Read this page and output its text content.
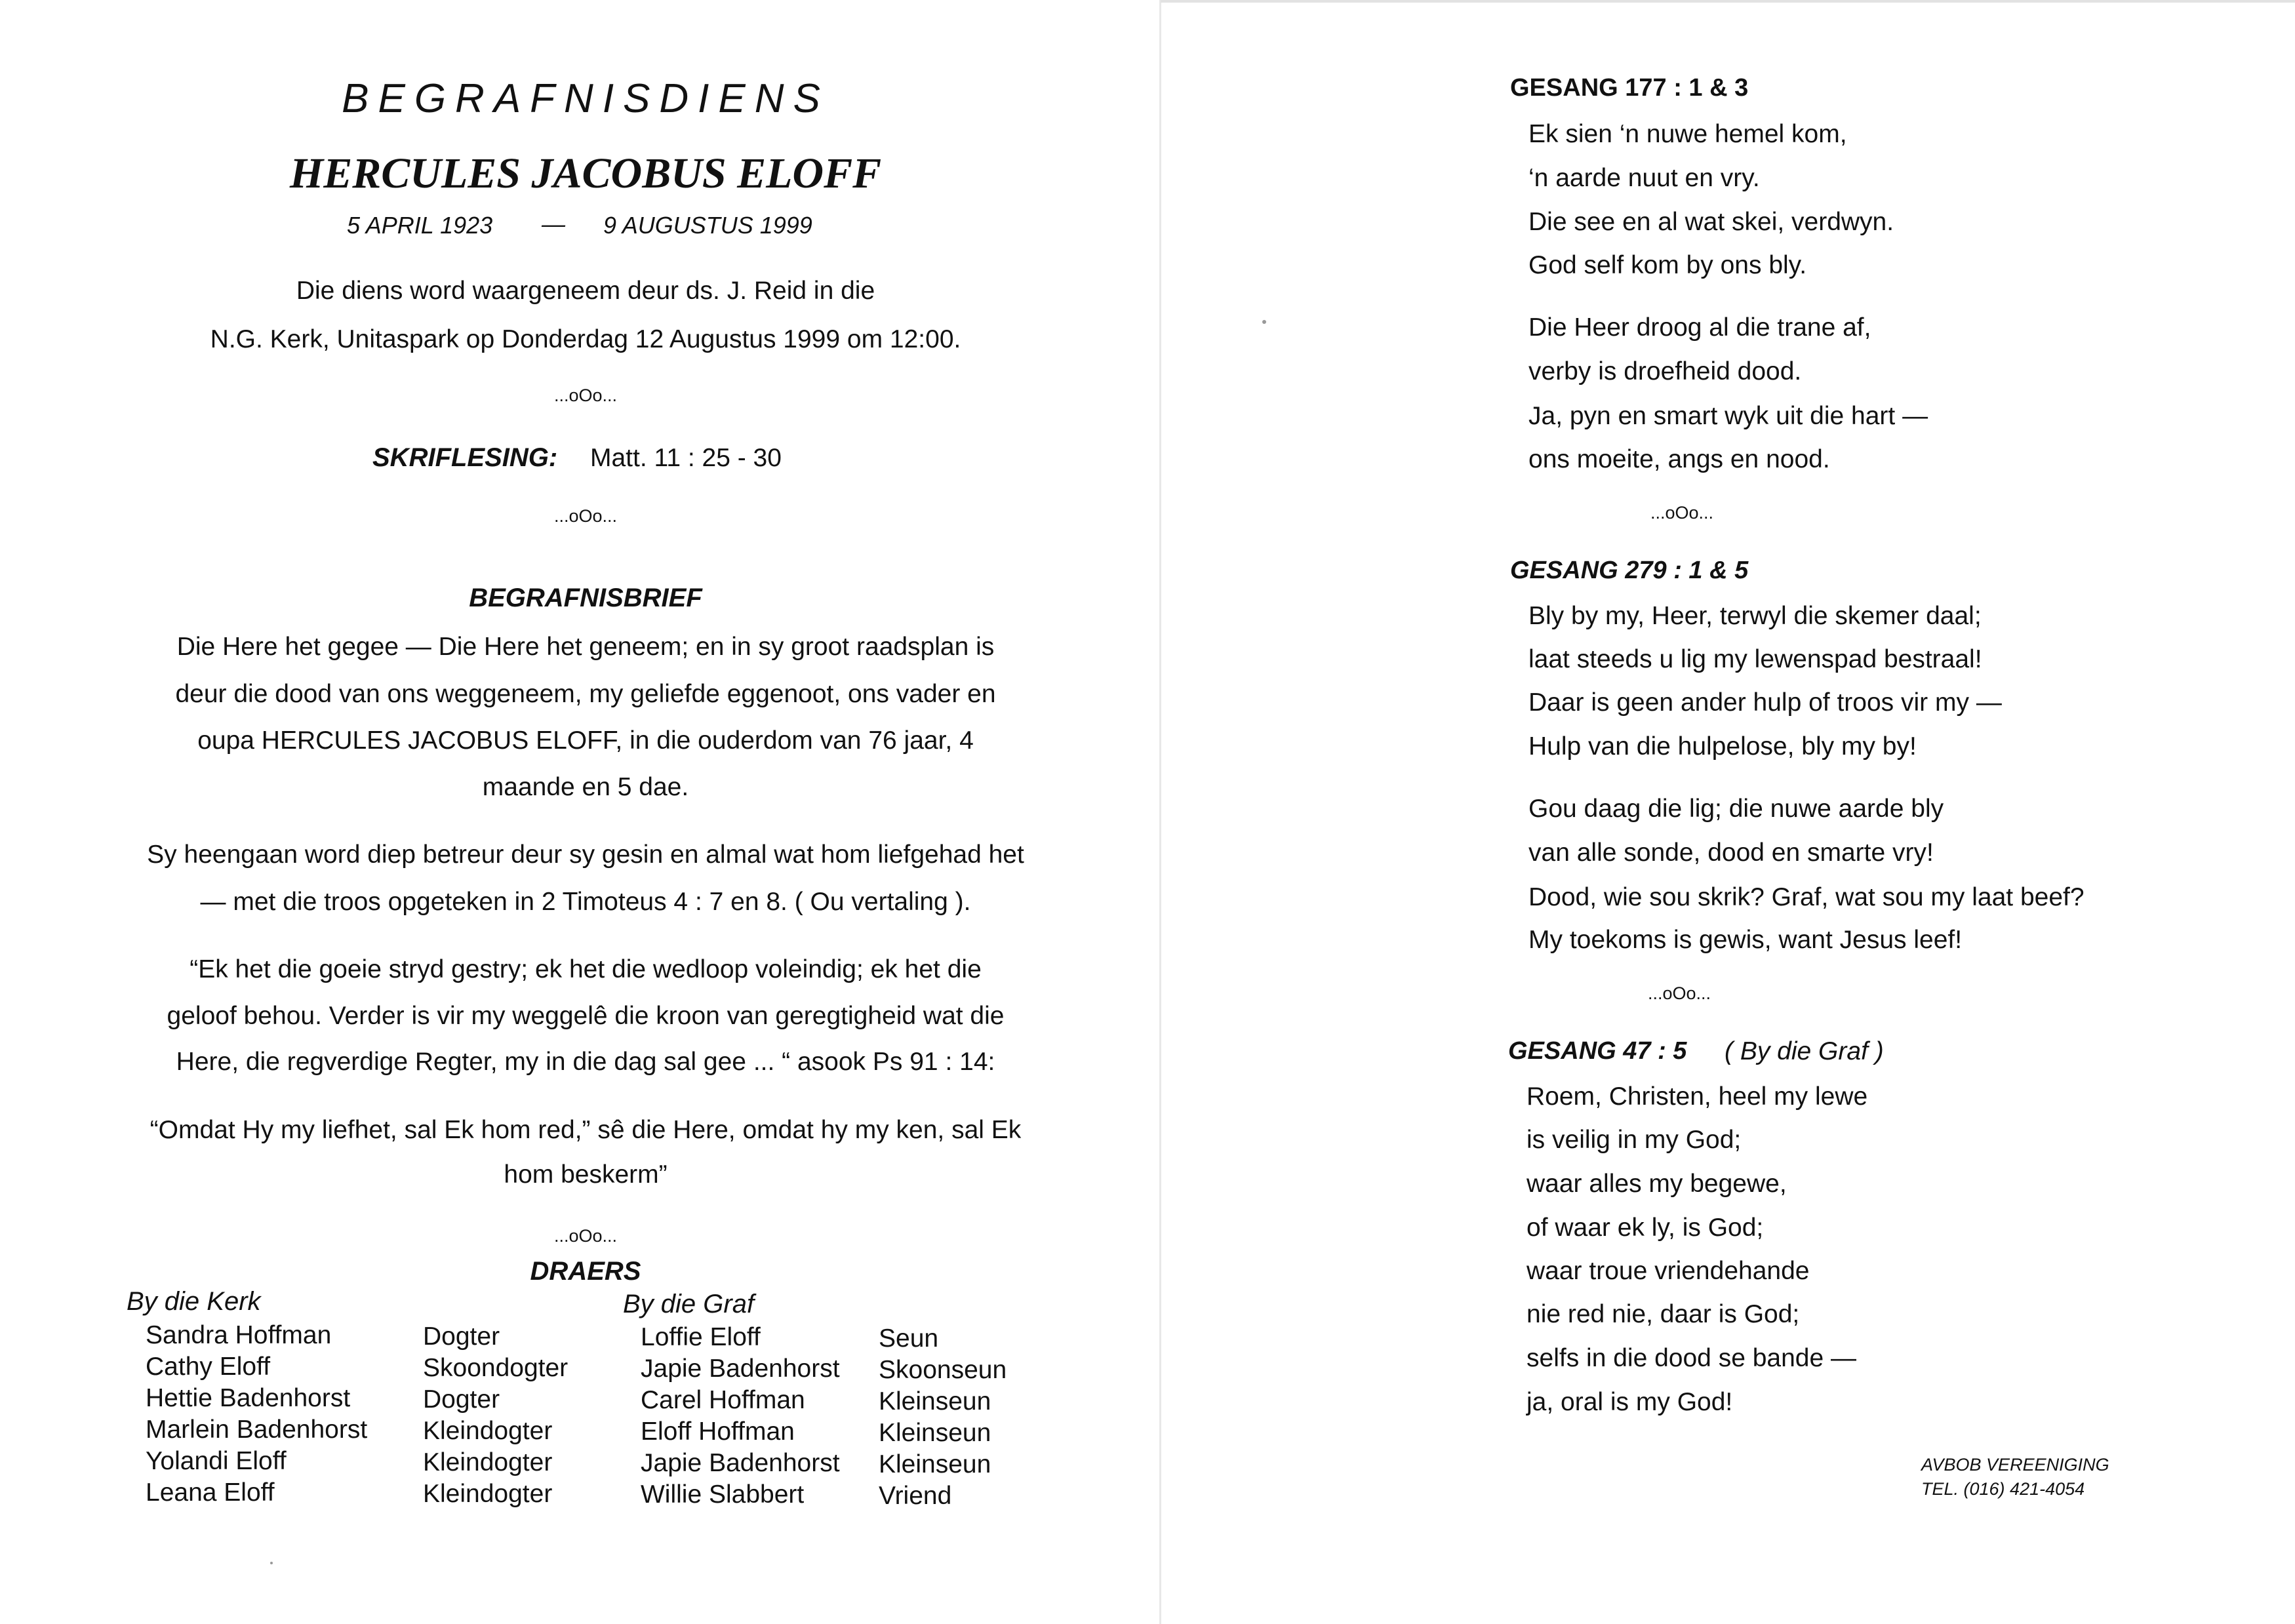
BEGRAFNISDIENS
HERCULES JACOBUS ELOFF
5 APRIL 1923 — 9 AUGUSTUS 1999
Die diens word waargeneem deur ds. J. Reid in die
N.G. Kerk, Unitaspark op Donderdag 12 Augustus 1999 om 12:00.
...oOo...
SKRIFLESING: Matt. 11 : 25 - 30
...oOo...
BEGRAFNISBRIEF
Die Here het gegee — Die Here het geneem; en in sy groot raadsplan is
deur die dood van ons weggeneem, my geliefde eggenoot, ons vader en
oupa HERCULES JACOBUS ELOFF, in die ouderdom van 76 jaar, 4
maande en 5 dae.
Sy heengaan word diep betreur deur sy gesin en almal wat hom liefgehad het
— met die troos opgeteken in 2 Timoteus 4 : 7 en 8. ( Ou vertaling ).
“Ek het die goeie stryd gestry; ek het die wedloop voleindig; ek het die
geloof behou. Verder is vir my weggelê die kroon van geregtigheid wat die
Here, die regverdige Regter, my in die dag sal gee ... “ asook Ps 91 : 14:
“Omdat Hy my liefhet, sal Ek hom red,” sê die Here, omdat hy my ken, sal Ek
hom beskerm”
...oOo...
DRAERS
By die Kerk	By die Graf
Sandra Hoffman
Cathy Eloff
Hettie Badenhorst
Marlein Badenhorst
Yolandi Eloff
Leana Eloff
Dogter
Skoondogter
Dogter
Kleindogter
Kleindogter
Kleindogter
Loffie Eloff
Japie Badenhorst
Carel Hoffman
Eloff Hoffman
Japie Badenhorst
Willie Slabbert
Seun
Skoonseun
Kleinseun
Kleinseun
Kleinseun
Vriend
GESANG 177 : 1 & 3
Ek sien ‘n nuwe hemel kom,
‘n aarde nuut en vry.
Die see en al wat skei, verdwyn.
God self kom by ons bly.
Die Heer droog al die trane af,
verby is droefheid dood.
Ja, pyn en smart wyk uit die hart —
ons moeite, angs en nood.
...oOo...
GESANG 279 : 1 & 5
Bly by my, Heer, terwyl die skemer daal;
laat steeds u lig my lewenspad bestraal!
Daar is geen ander hulp of troos vir my —
Hulp van die hulpelose, bly my by!
Gou daag die lig; die nuwe aarde bly
van alle sonde, dood en smarte vry!
Dood, wie sou skrik? Graf, wat sou my laat beef?
My toekoms is gewis, want Jesus leef!
...oOo...
GESANG 47 : 5 ( By die Graf )
Roem, Christen, heel my lewe
is veilig in my God;
waar alles my begewe,
of waar ek ly, is God;
waar troue vriendehande
nie red nie, daar is God;
selfs in die dood se bande —
ja, oral is my God!
AVBOB VEREENIGING
TEL. (016) 421-4054
